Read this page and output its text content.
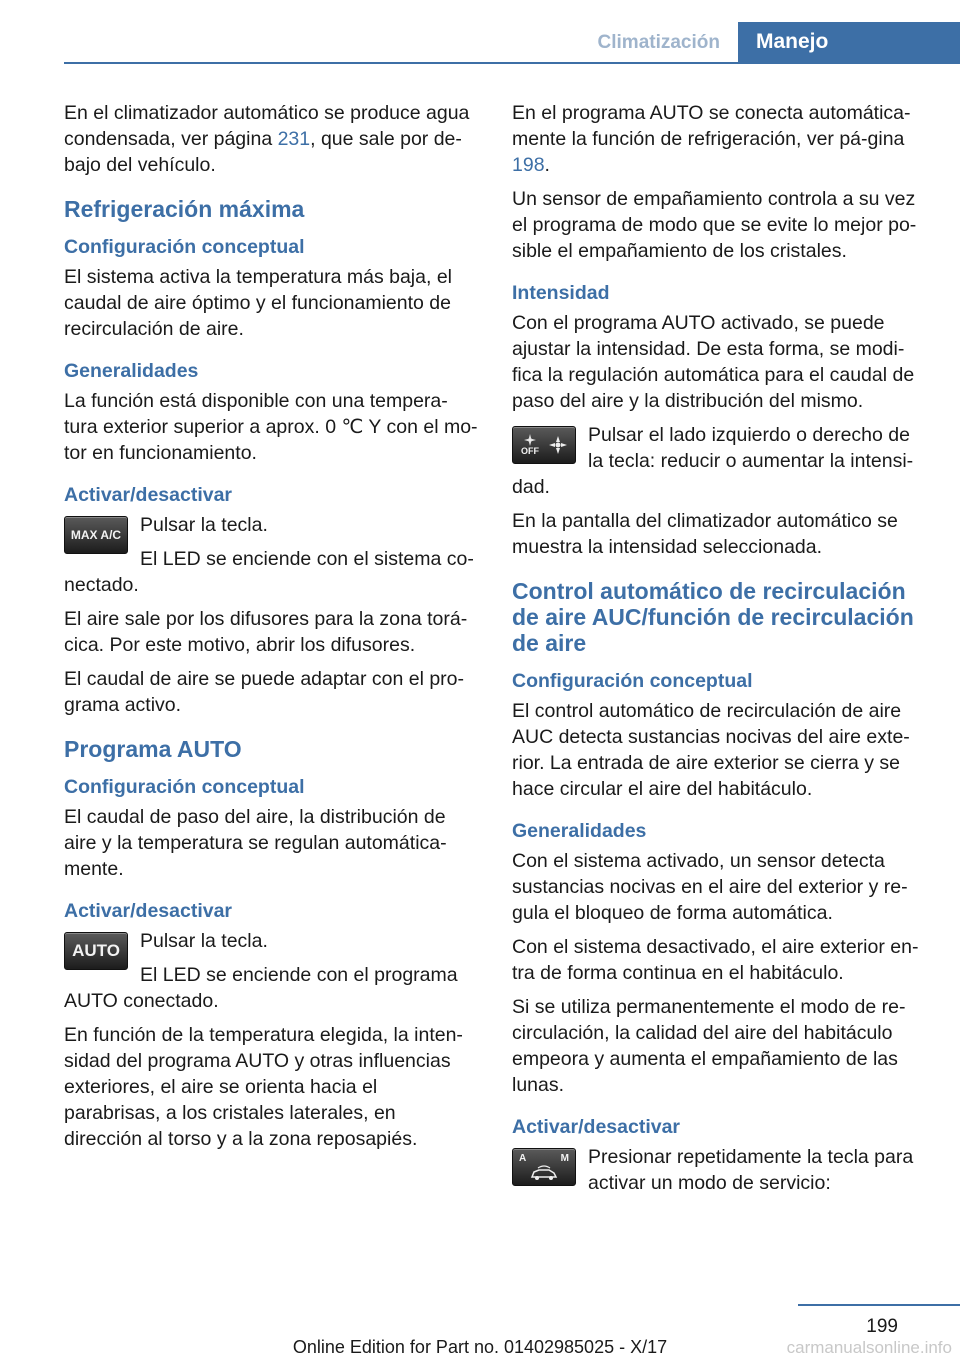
Climatización	Manejo

En el climatizador automático se produce agua condensada, ver página 231, que sale por de-bajo del vehículo.

Refrigeración máxima
Configuración conceptual

El sistema activa la temperatura más baja, el caudal de aire óptimo y el funcionamiento de recirculación de aire.

Generalidades

La función está disponible con una tempera-tura exterior superior a aprox. 0 ℃ Y con el mo-tor en funcionamiento.

Activar/desactivar
MAX A/C Pulsar la tecla.

El LED se enciende con el sistema co-nectado.

El aire sale por los difusores para la zona torá-cica. Por este motivo, abrir los difusores.

El caudal de aire se puede adaptar con el pro-grama activo.

Programa AUTO
Configuración conceptual

El caudal de paso del aire, la distribución de aire y la temperatura se regulan automática-mente.

Activar/desactivar
AUTO	Pulsar la tecla.

El LED se enciende con el programa AUTO conectado.

En función de la temperatura elegida, la inten-sidad del programa AUTO y otras influencias exteriores, el aire se orienta hacia el parabrisas, a los cristales laterales, en dirección al torso y a la zona reposapiés.

En el programa AUTO se conecta automática-mente la función de refrigeración, ver pá-gina 198.

Un sensor de empañamiento controla a su vez el programa de modo que se evite lo mejor po-sible el empañamiento de los cristales.

Intensidad

Con el programa AUTO activado, se puede ajustar la intensidad. De esta forma, se modi-fica la regulación automática para el caudal de paso del aire y la distribución del mismo.

OFF

Pulsar el lado izquierdo o derecho de la tecla: reducir o aumentar la intensi-dad.

En la pantalla del climatizador automático se muestra la intensidad seleccionada.

Control automático de recirculación de aire AUC/función de recirculación de aire
Configuración conceptual

El control automático de recirculación de aire AUC detecta sustancias nocivas del aire exte-rior. La entrada de aire exterior se cierra y se hace circular el aire del habitáculo.

Generalidades

Con el sistema activado, un sensor detecta sustancias nocivas en el aire del exterior y re-gula el bloqueo de forma automática.

Con el sistema desactivado, el aire exterior en-tra de forma continua en el habitáculo.

Si se utiliza permanentemente el modo de re-circulación, la calidad del aire del habitáculo empeora y aumenta el empañamiento de las lunas.

Activar/desactivar
A	M Presionar repetidamente la tecla para activar un modo de servicio:

199
Online Edition for Part no. 01402985025 - X/17	carmanualsonline.info
